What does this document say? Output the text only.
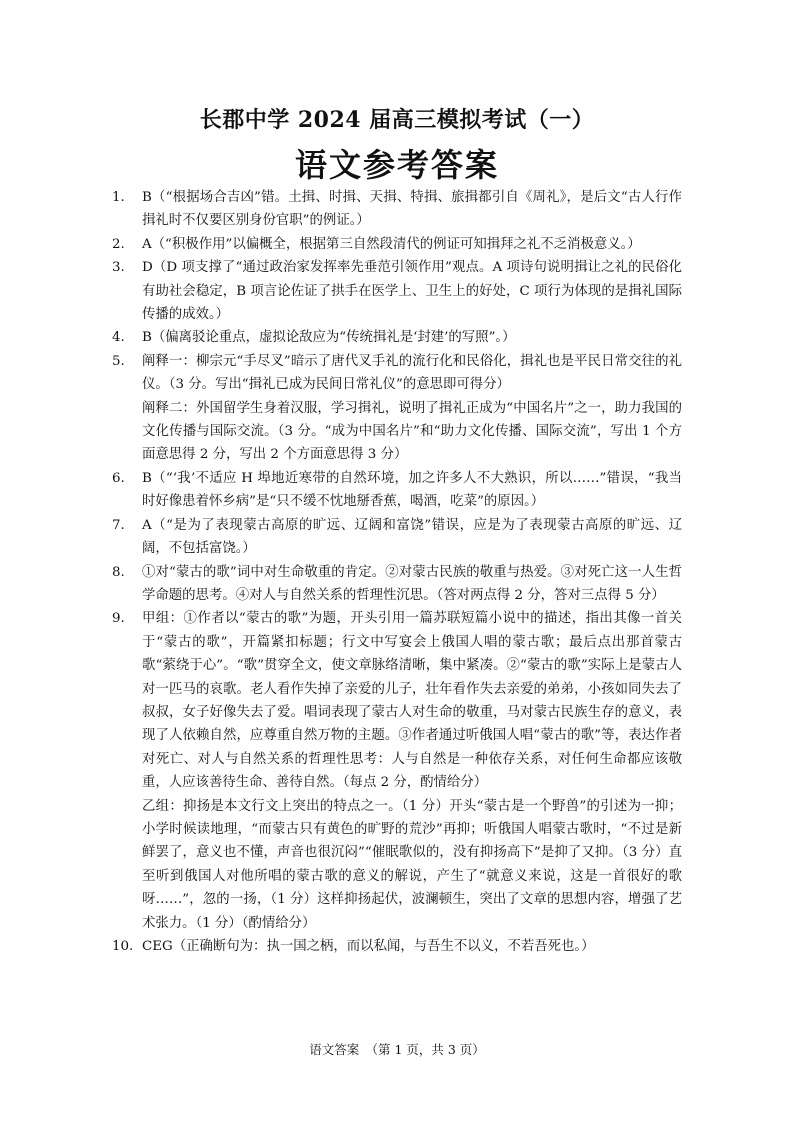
长郡中学 2024 届高三模拟考试（一）
语文参考答案
1.	B（“根据场合吉凶”错。土揖、时揖、天揖、特揖、旅揖都引自《周礼》，是后文“古人行作揖礼时不仅要区别身份官职”的例证。）

2.	A（“积极作用”以偏概全，根据第三自然段清代的例证可知揖拜之礼不乏消极意义。）

3.	D（D 项支撑了“通过政治家发挥率先垂范引领作用”观点。A 项诗句说明揖让之礼的民俗化有助社会稳定，B 项言论佐证了拱手在医学上、卫生上的好处，C 项行为体现的是揖礼国际传播的成效。）

4.	B（偏离驳论重点，虚拟论敌应为“传统揖礼是‘封建’的写照”。）

5.	阐释一：柳宗元“手尽叉”暗示了唐代叉手礼的流行化和民俗化，揖礼也是平民日常交往的礼仪。（3 分。写出“揖礼已成为民间日常礼仪”的意思即可得分）

阐释二：外国留学生身着汉服，学习揖礼，说明了揖礼正成为“中国名片”之一，助力我国的文化传播与国际交流。（3 分。“成为中国名片”和“助力文化传播、国际交流”，写出 1 个方面意思得 2 分，写出 2 个方面意思得 3 分）

6.	B（“‘我’不适应 H 埠地近寒带的自然环境，加之许多人不大熟识，所以……”错误，“我当时好像患着怀乡病”是“只不缓不忱地掰香蕉，喝酒，吃菜”的原因。）

7.	A（“是为了表现蒙古高原的旷远、辽阔和富饶”错误，应是为了表现蒙古高原的旷远、辽阔，不包括富饶。）

8.	①对“蒙古的歌”词中对生命敬重的肯定。②对蒙古民族的敬重与热爱。③对死亡这一人生哲学命题的思考。④对人与自然关系的哲理性沉思。（答对两点得 2 分，答对三点得 5 分）

9.	甲组：①作者以“蒙古的歌”为题，开头引用一篇苏联短篇小说中的描述，指出其像一首关于“蒙古的歌”，开篇紧扣标题；行文中写宴会上俄国人唱的蒙古歌；最后点出那首蒙古歌“萦绕于心”。“歌”贯穿全文，使文章脉络清晰，集中紧凑。②“蒙古的歌”实际上是蒙古人对一匹马的哀歌。老人看作失掉了亲爱的儿子，壮年看作失去亲爱的弟弟，小孩如同失去了叔叔，女子好像失去了爱。唱词表现了蒙古人对生命的敬重，马对蒙古民族生存的意义，表现了人依赖自然，应尊重自然万物的主题。③作者通过听俄国人唱“蒙古的歌”等，表达作者对死亡、对人与自然关系的哲理性思考：人与自然是一种依存关系，对任何生命都应该敬重，人应该善待生命、善待自然。（每点 2 分，酌情给分）

乙组：抑扬是本文行文上突出的特点之一。（1 分）开头“蒙古是一个野兽”的引述为一抑；小学时候读地理，“而蒙古只有黄色的旷野的荒沙”再抑；听俄国人唱蒙古歌时，“不过是新鲜罢了，意义也不懂，声音也很沉闷”“催眠歌似的，没有抑扬高下”是抑了又抑。（3 分）直至听到俄国人对他所唱的蒙古歌的意义的解说，产生了“就意义来说，这是一首很好的歌呀……”，忽的一扬，（1 分）这样抑扬起伏，波澜顿生，突出了文章的思想内容，增强了艺术张力。（1 分）（酌情给分）

10. CEG（正确断句为：执一国之柄，而以私闻，与吾生不以义，不若吾死也。）

语文答案　（第 1 页，共 3 页）
